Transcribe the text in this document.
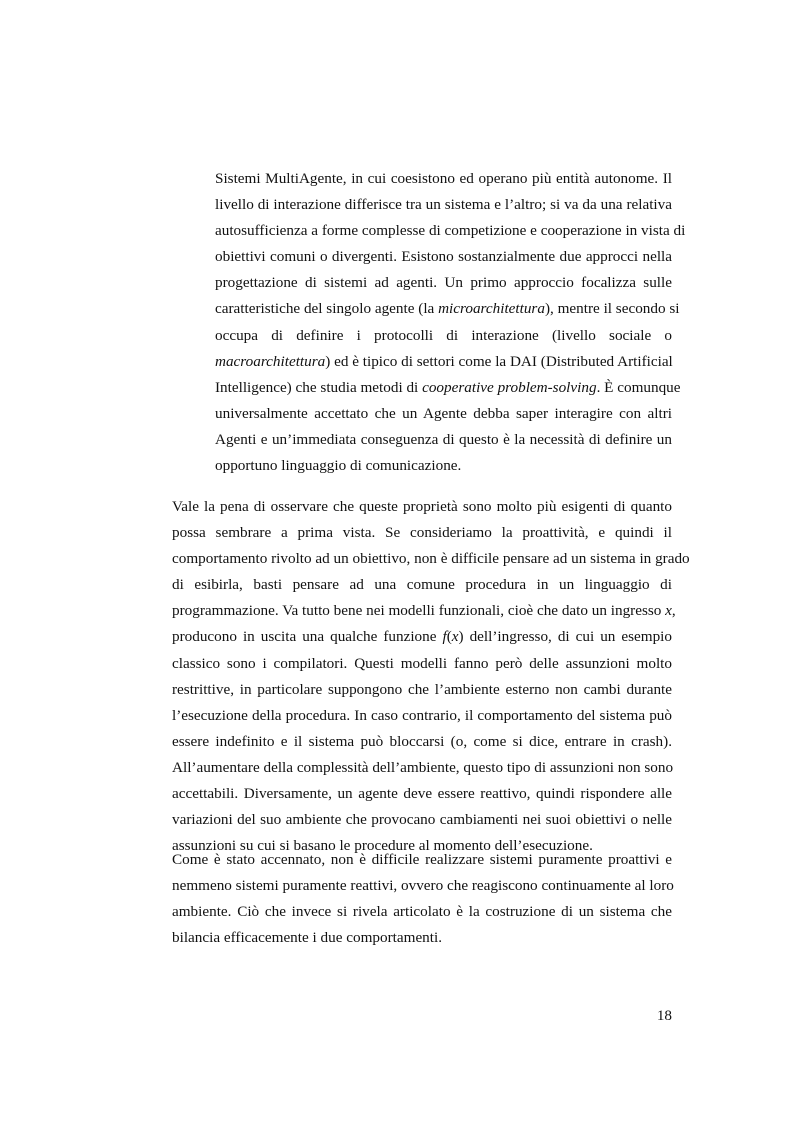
Sistemi MultiAgente, in cui coesistono ed operano più entità autonome. Il
livello di interazione differisce tra un sistema e l’altro; si va da una relativa
autosufficienza a forme complesse di competizione e cooperazione in vista di
obiettivi comuni o divergenti. Esistono sostanzialmente due approcci nella
progettazione di sistemi ad agenti. Un primo approccio focalizza sulle
caratteristiche del singolo agente (la microarchitettura), mentre il secondo si
occupa di definire i protocolli di interazione (livello sociale o
macroarchitettura) ed è tipico di settori come la DAI (Distributed Artificial
Intelligence) che studia metodi di cooperative problem-solving. È comunque
universalmente accettato che un Agente debba saper interagire con altri
Agenti e un’immediata conseguenza di questo è la necessità di definire un
opportuno linguaggio di comunicazione.
Vale la pena di osservare che queste proprietà sono molto più esigenti di quanto
possa sembrare a prima vista. Se consideriamo la proattività, e quindi il
comportamento rivolto ad un obiettivo, non è difficile pensare ad un sistema in grado
di esibirla, basti pensare ad una comune procedura in un linguaggio di
programmazione. Va tutto bene nei modelli funzionali, cioè che dato un ingresso x,
producono in uscita una qualche funzione f(x) dell’ingresso, di cui un esempio
classico sono i compilatori. Questi modelli fanno però delle assunzioni molto
restrittive, in particolare suppongono che l’ambiente esterno non cambi durante
l’esecuzione della procedura. In caso contrario, il comportamento del sistema può
essere indefinito e il sistema può bloccarsi (o, come si dice, entrare in crash).
All’aumentare della complessità dell’ambiente, questo tipo di assunzioni non sono
accettabili. Diversamente, un agente deve essere reattivo, quindi rispondere alle
variazioni del suo ambiente che provocano cambiamenti nei suoi obiettivi o nelle
assunzioni su cui si basano le procedure al momento dell’esecuzione.
Come è stato accennato, non è difficile realizzare sistemi puramente proattivi e
nemmeno sistemi puramente reattivi, ovvero che reagiscono continuamente al loro
ambiente. Ciò che invece si rivela articolato è la costruzione di un sistema che
bilancia efficacemente i due comportamenti.
18
